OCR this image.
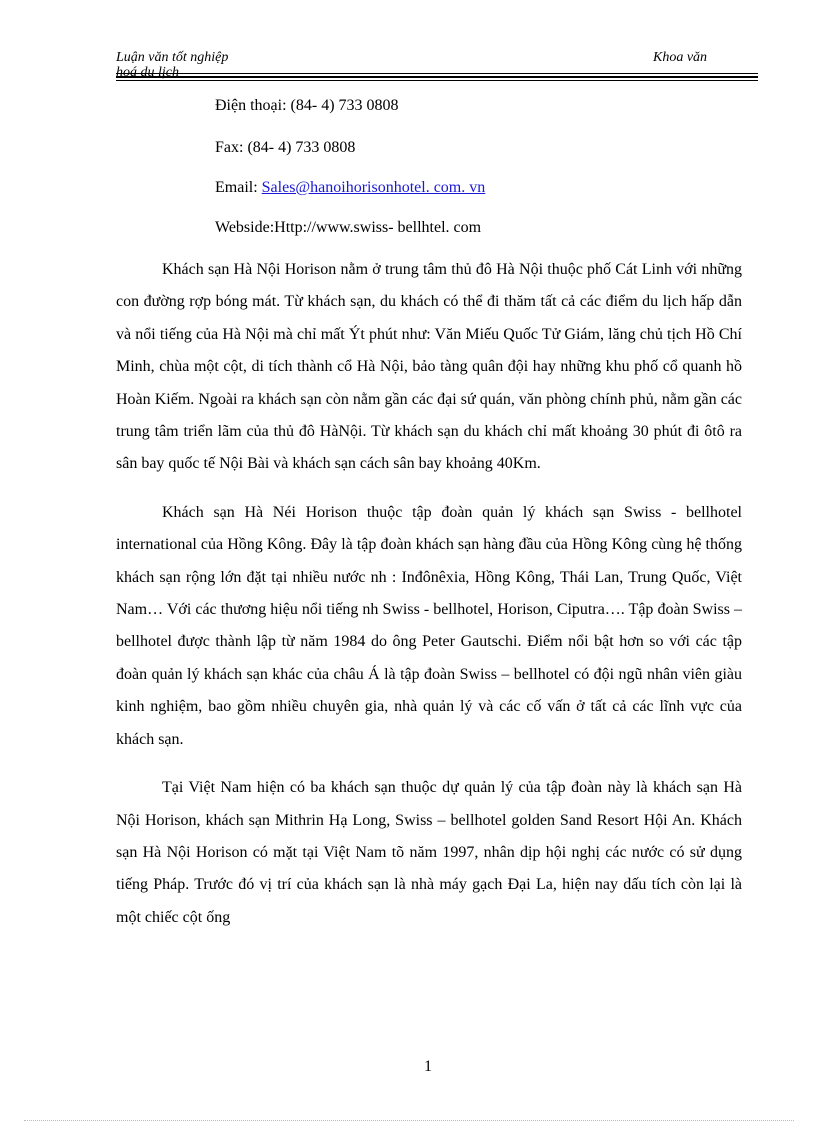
Luận văn tốt nghiệp
hoá du lịch
Khoa văn
Điện thoại: (84- 4) 733 0808
Fax: (84- 4) 733 0808
Email: Sales@hanoihorisonhotel. com. vn
Webside:Http://www.swiss- bellhtel. com

Khách sạn Hà Nội Horison nằm ở trung tâm thủ đô Hà Nội thuộc phố Cát Linh với những con đường rợp bóng mát. Từ khách sạn, du khách có thể đi thăm tất cả các điểm du lịch hấp dẫn và nổi tiếng của Hà Nội mà chỉ mất Ýt phút như: Văn Miếu Quốc Tử Giám, lăng chủ tịch Hồ Chí Minh, chùa một cột, di tích thành cổ Hà Nội, bảo tàng quân đội hay những khu phố cổ quanh hồ Hoàn Kiếm. Ngoài ra khách sạn còn nằm gần các đại sứ quán, văn phòng chính phủ, nằm gần các trung tâm triển lãm của thủ đô HàNội. Từ khách sạn du khách chỉ mất khoảng 30 phút đi ôtô ra sân bay quốc tế Nội Bài và khách sạn cách sân bay khoảng 40Km.

Khách sạn Hà Néi Horison thuộc tập đoàn quản lý khách sạn Swiss - bellhotel international của Hồng Kông. Đây là tập đoàn khách sạn hàng đầu của Hồng Kông cùng hệ thống khách sạn rộng lớn đặt tại nhiều nước nh : Inđônêxia, Hồng Kông, Thái Lan, Trung Quốc, Việt Nam… Với các thương hiệu nổi tiếng nh Swiss - bellhotel, Horison, Ciputra…. Tập đoàn Swiss – bellhotel được thành lập từ năm 1984 do ông Peter Gautschi. Điểm nổi bật hơn so với các tập đoàn quản lý khách sạn khác của châu Á là tập đoàn Swiss – bellhotel có đội ngũ nhân viên giàu kinh nghiệm, bao gồm nhiều chuyên gia, nhà quản lý và các cố vấn ở tất cả các lĩnh vực của khách sạn.

Tại Việt Nam hiện có ba khách sạn thuộc dự quản lý của tập đoàn này là khách sạn Hà Nội Horison, khách sạn Mithrin Hạ Long, Swiss – bellhotel golden Sand Resort Hội An. Khách sạn Hà Nội Horison có mặt tại Việt Nam tõ năm 1997, nhân dịp hội nghị các nước có sử dụng tiếng Pháp. Trước đó vị trí của khách sạn là nhà máy gạch Đại La, hiện nay dấu tích còn lại là một chiếc cột ống

1
